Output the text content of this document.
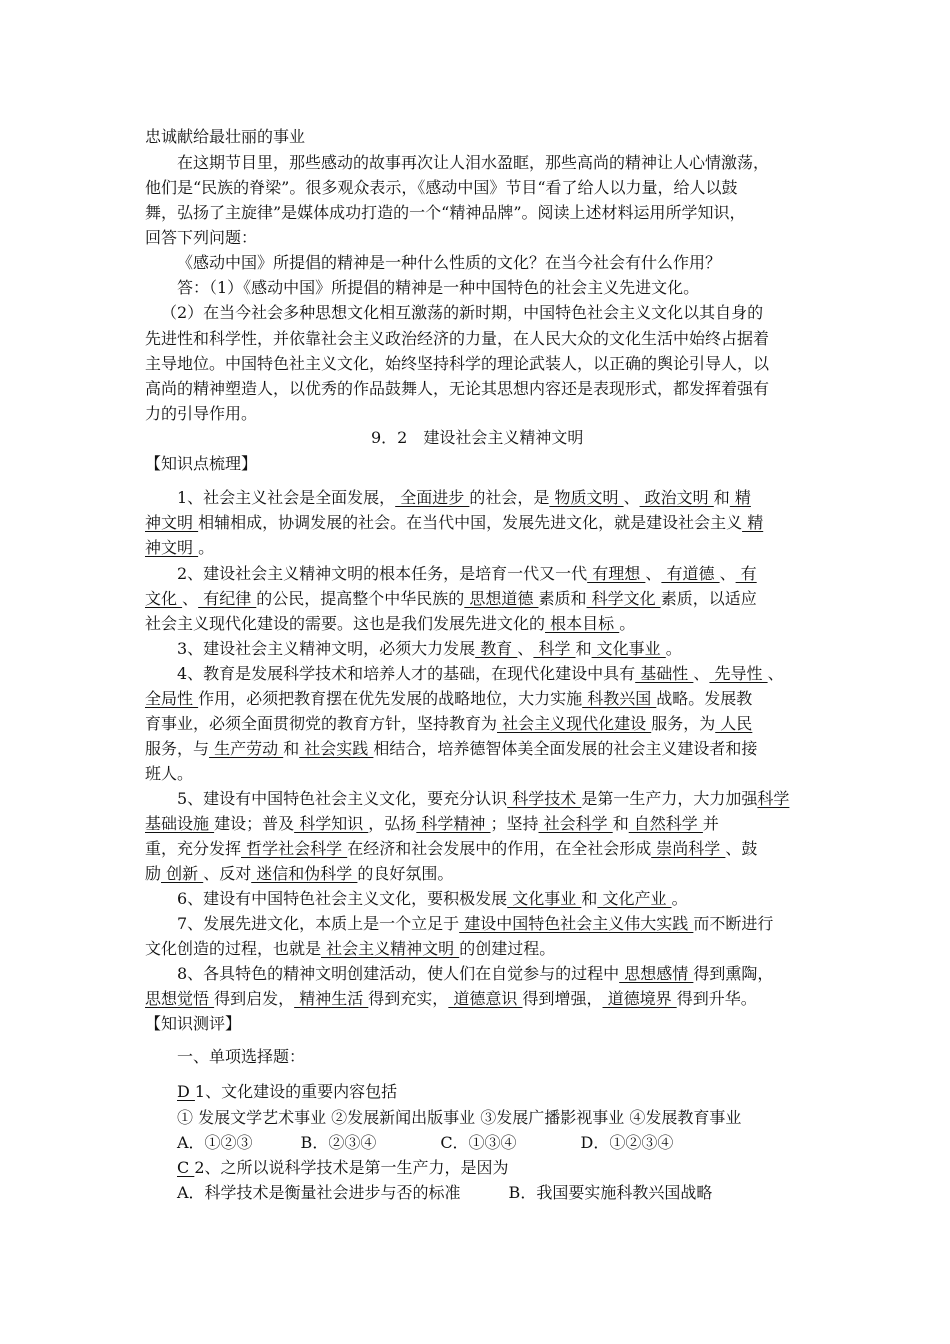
忠诚献给最壮丽的事业
在这期节目里，那些感动的故事再次让人泪水盈眶，那些高尚的精神让人心情激荡，
他们是“民族的脊梁”。很多观众表示，《感动中国》节目“看了给人以力量，给人以鼓
舞，弘扬了主旋律”是媒体成功打造的一个“精神品牌”。阅读上述材料运用所学知识，
回答下列问题：
《感动中国》所提倡的精神是一种什么性质的文化？在当今社会有什么作用？
答：（1）《感动中国》所提倡的精神是一种中国特色的社会主义先进文化。
（2）在当今社会多种思想文化相互激荡的新时期，中国特色社会主义文化以其自身的
先进性和科学性，并依靠社会主义政治经济的力量，在人民大众的文化生活中始终占据着
主导地位。中国特色社主义文化，始终坚持科学的理论武装人，以正确的舆论引导人，以
高尚的精神塑造人，以优秀的作品鼓舞人，无论其思想内容还是表现形式，都发挥着强有
力的引导作用。
9．2　建设社会主义精神文明
【知识点梳理】
1、社会主义社会是全面发展， 全面进步 的社会，是 物质文明 、 政治文明 和 精
神文明 相辅相成，协调发展的社会。在当代中国，发展先进文化，就是建设社会主义 精
神文明 。
2、建设社会主义精神文明的根本任务，是培育一代又一代 有理想 、 有道德 、 有
文化 、 有纪律 的公民，提高整个中华民族的 思想道德 素质和 科学文化 素质，以适应
社会主义现代化建设的需要。这也是我们发展先进文化的 根本目标 。
3、建设社会主义精神文明，必须大力发展 教育 、 科学 和 文化事业 。
4、教育是发展科学技术和培养人才的基础，在现代化建设中具有 基础性 、 先导性 、
全局性 作用，必须把教育摆在优先发展的战略地位，大力实施 科教兴国 战略。发展教
育事业，必须全面贯彻党的教育方针，坚持教育为 社会主义现代化建设 服务，为 人民
服务，与 生产劳动 和 社会实践 相结合，培养德智体美全面发展的社会主义建设者和接
班人。
5、建设有中国特色社会主义文化，要充分认识 科学技术 是第一生产力，大力加强科学
基础设施 建设；普及 科学知识 ，弘扬 科学精神 ；坚持 社会科学 和 自然科学 并
重，充分发挥 哲学社会科学 在经济和社会发展中的作用，在全社会形成 崇尚科学 、鼓
励 创新 、反对 迷信和伪科学 的良好氛围。
6、建设有中国特色社会主义文化，要积极发展 文化事业 和 文化产业 。
7、发展先进文化，本质上是一个立足于 建设中国特色社会主义伟大实践 而不断进行
文化创造的过程，也就是 社会主义精神文明 的创建过程。
8、各具特色的精神文明创建活动，使人们在自觉参与的过程中 思想感情 得到熏陶，
思想觉悟 得到启发， 精神生活 得到充实， 道德意识 得到增强， 道德境界 得到升华。
【知识测评】
一、单项选择题：
D 1、文化建设的重要内容包括
① 发展文学艺术事业 ②发展新闻出版事业 ③发展广播影视事业 ④发展教育事业
A．①②③　　　B．②③④　　　　C．①③④　　　　D．①②③④
C 2、之所以说科学技术是第一生产力，是因为
A．科学技术是衡量社会进步与否的标准　　　B．我国要实施科教兴国战略
